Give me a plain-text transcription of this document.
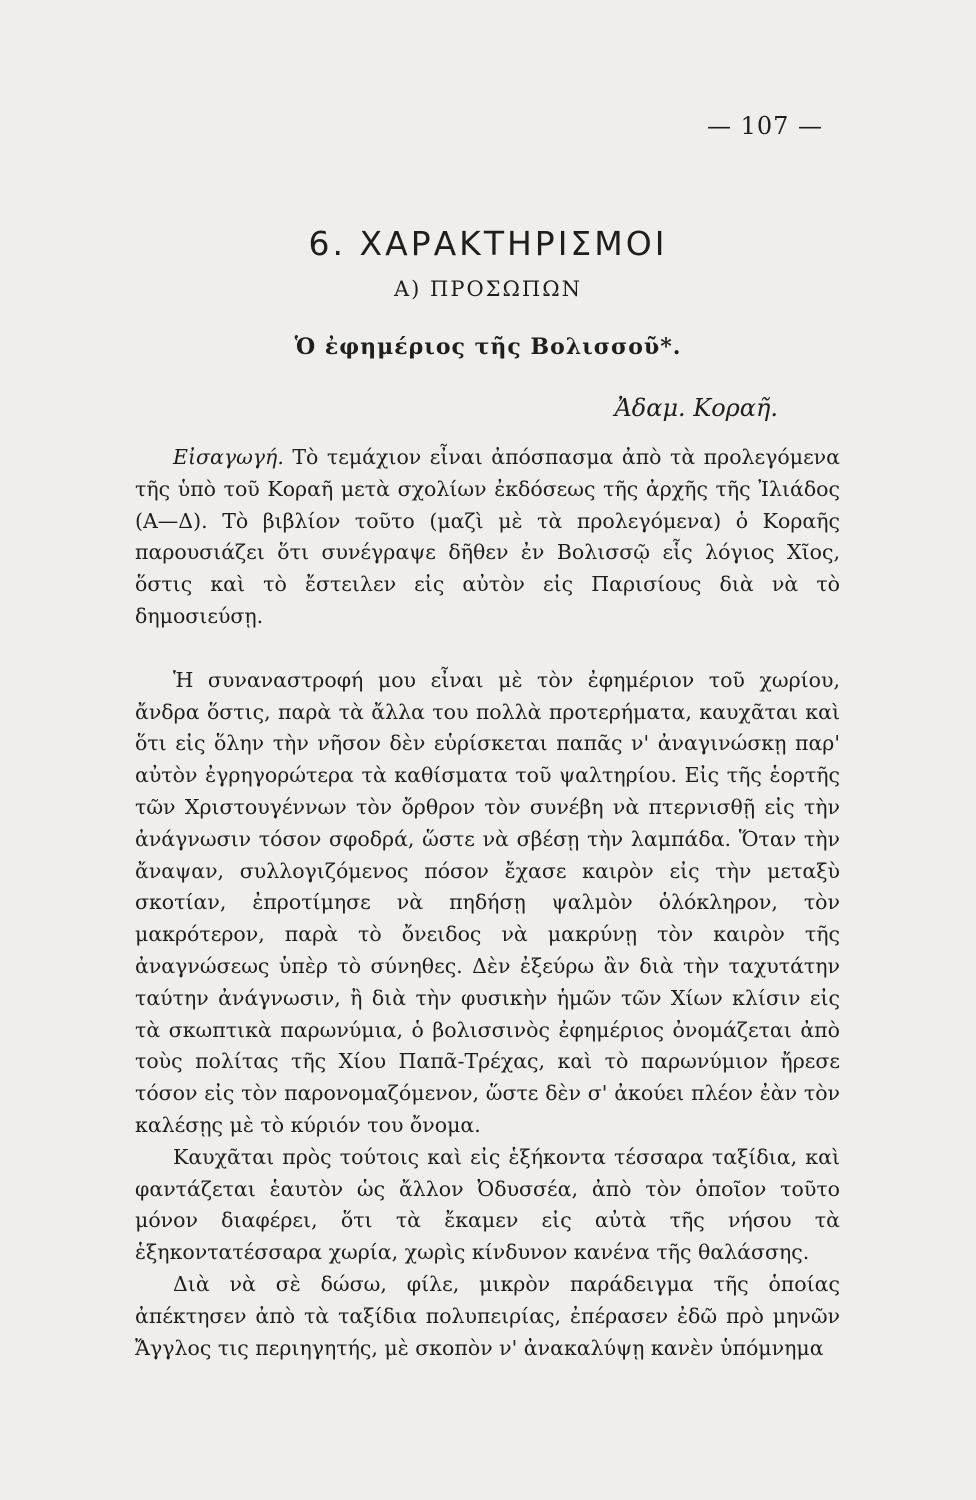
— 107 —
6. ΧΑΡΑΚΤΗΡΙΣΜΟΙ
Α) ΠΡΟΣΩΠΩΝ
Ὁ ἐφημέριος τῆς Βολισσοῦ*.
Ἀδαμ. Κοραῆ.

Εἰσαγωγή. Τὸ τεμάχιον εἶναι ἀπόσπασμα ἀπὸ τὰ προλεγόμενα τῆς ὑπὸ τοῦ Κοραῆ μετὰ σχολίων ἐκδόσεως τῆς ἀρχῆς τῆς Ἰλιάδος (Α—Δ). Τὸ βιβλίον τοῦτο (μαζὶ μὲ τὰ προλεγόμενα) ὁ Κοραῆς παρουσιάζει ὅτι συνέγραψε δῆθεν ἐν Βολισσῷ εἷς λόγιος Χῖος, ὅστις καὶ τὸ ἔστειλεν εἰς αὐτὸν εἰς Παρισίους διὰ νὰ τὸ δημοσιεύσῃ.

Ἡ συναναστροφή μου εἶναι μὲ τὸν ἐφημέριον τοῦ χωρίου, ἄνδρα ὅστις, παρὰ τὰ ἄλλα του πολλὰ προτερήματα, καυχᾶται καὶ ὅτι εἰς ὅλην τὴν νῆσον δὲν εὑρίσκεται παπᾶς ν' ἀναγινώσκῃ παρ' αὐτὸν ἐγρηγορώτερα τὰ καθίσματα τοῦ ψαλτηρίου. Εἰς τῆς ἑορτῆς τῶν Χριστουγέννων τὸν ὄρθρον τὸν συνέβη νὰ πτερνισθῇ εἰς τὴν ἀνάγνωσιν τόσον σφοδρά, ὥστε νὰ σβέσῃ τὴν λαμπάδα. Ὅταν τὴν ἄναψαν, συλλογιζόμενος πόσον ἔχασε καιρὸν εἰς τὴν μεταξὺ σκοτίαν, ἐπροτίμησε νὰ πηδήσῃ ψαλμὸν ὁλόκληρον, τὸν μακρότερον, παρὰ τὸ ὄνειδος νὰ μακρύνῃ τὸν καιρὸν τῆς ἀναγνώσεως ὑπὲρ τὸ σύνηθες. Δὲν ἐξεύρω ἂν διὰ τὴν ταχυτάτην ταύτην ἀνάγνωσιν, ἢ διὰ τὴν φυσικὴν ἡμῶν τῶν Χίων κλίσιν εἰς τὰ σκωπτικὰ παρωνύμια, ὁ βολισσινὸς ἐφημέριος ὀνομάζεται ἀπὸ τοὺς πολίτας τῆς Χίου Παπᾶ-Τρέχας, καὶ τὸ παρωνύμιον ἤρεσε τόσον εἰς τὸν παρονομαζόμενον, ὥστε δὲν σ' ἀκούει πλέον ἐὰν τὸν καλέσῃς μὲ τὸ κύριόν του ὄνομα.

Καυχᾶται πρὸς τούτοις καὶ εἰς ἑξήκοντα τέσσαρα ταξίδια, καὶ φαντάζεται ἑαυτὸν ὡς ἄλλον Ὀδυσσέα, ἀπὸ τὸν ὁποῖον τοῦτο μόνον διαφέρει, ὅτι τὰ ἔκαμεν εἰς αὐτὰ τῆς νήσου τὰ ἑξηκοντατέσσαρα χωρία, χωρὶς κίνδυνον κανένα τῆς θαλάσσης.

Διὰ νὰ σὲ δώσω, φίλε, μικρὸν παράδειγμα τῆς ὁποίας ἀπέκτησεν ἀπὸ τὰ ταξίδια πολυπειρίας, ἐπέρασεν ἐδῶ πρὸ μηνῶν Ἄγγλος τις περιηγητής, μὲ σκοπὸν ν' ἀνακαλύψῃ κανὲν ὑπόμνημα
